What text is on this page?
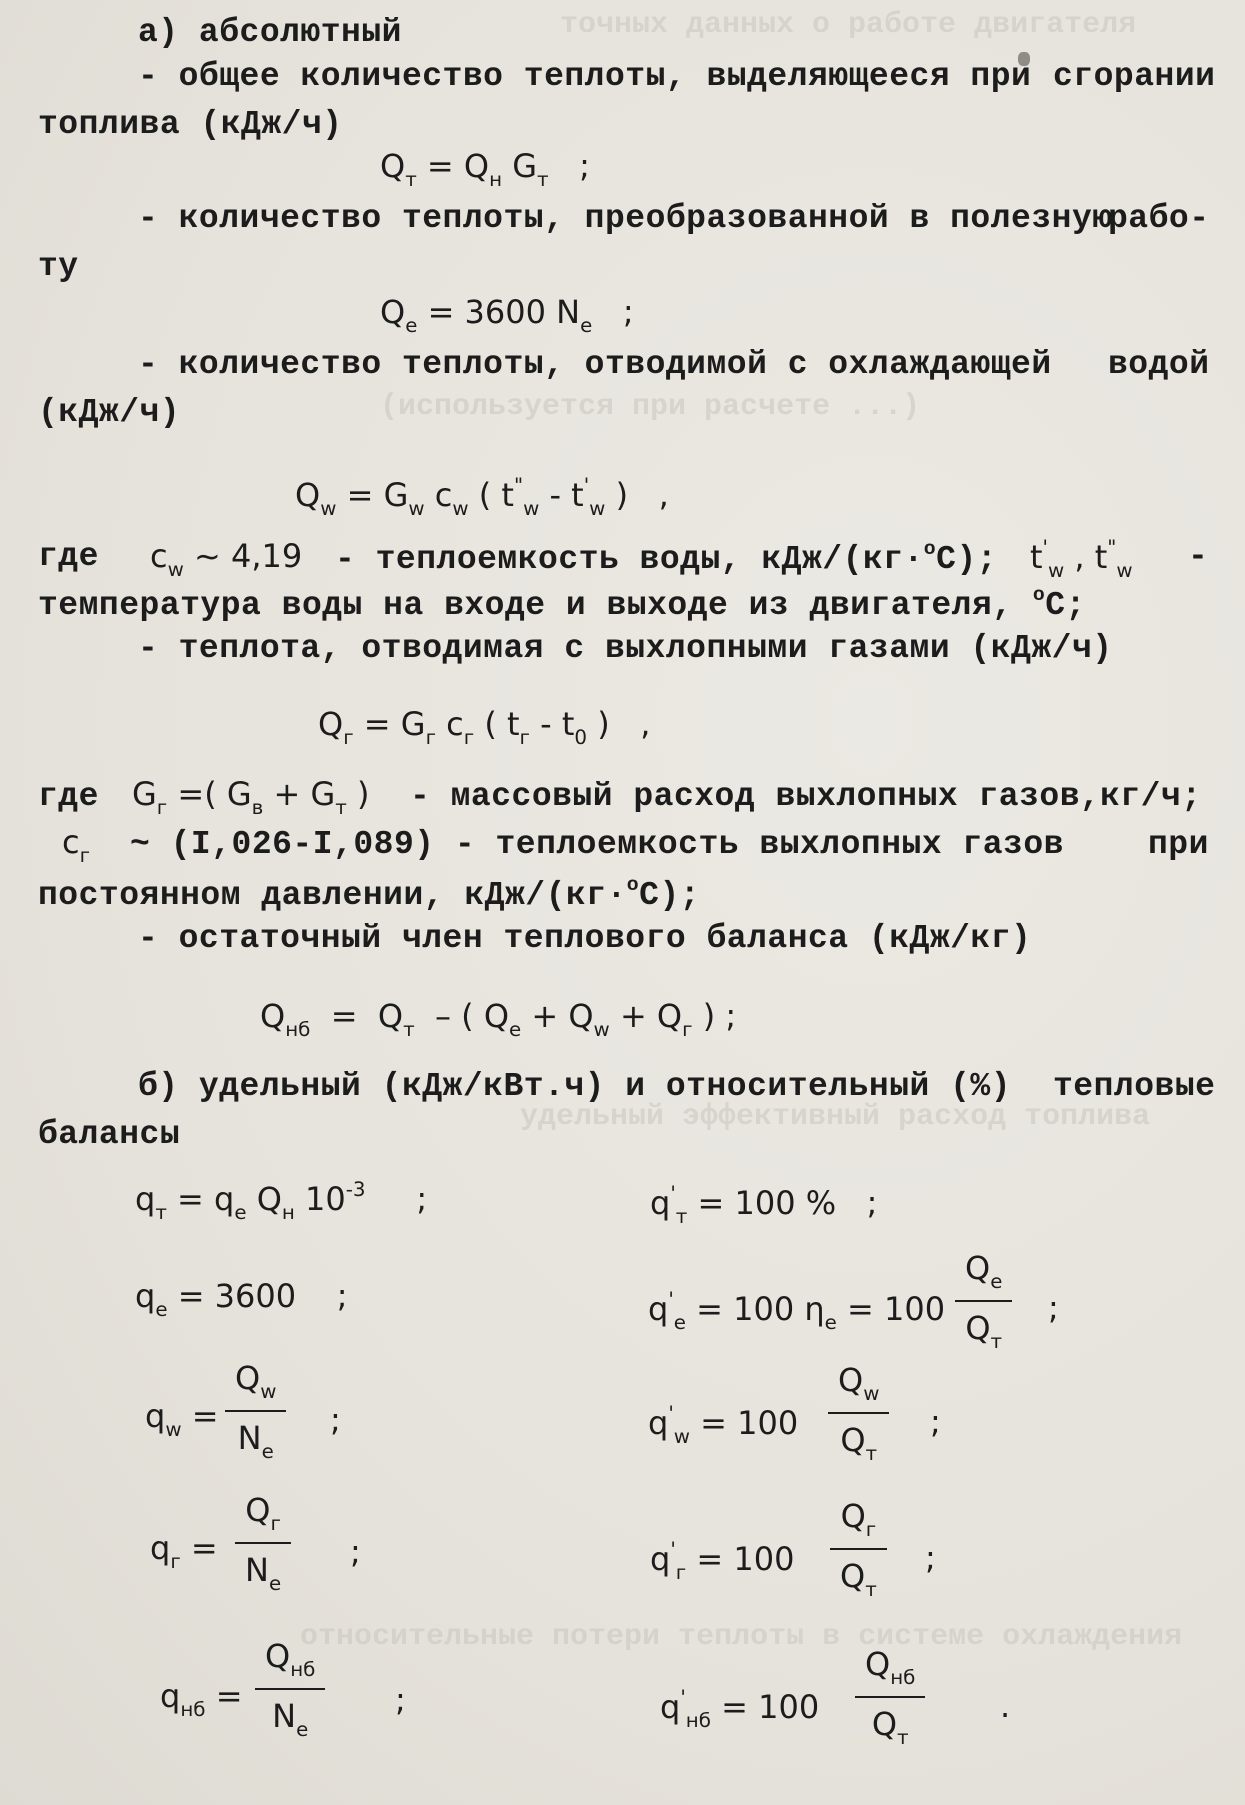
точных данных о работе двигателя
(используется при расчете ...)
удельный эффективный расход топлива
относительные потери теплоты в системе охлаждения
а) абсолютный
- общее количество теплоты, выделяющееся при сгорании
топлива (кДж/ч)
$Q_т = Q_н$ $G_т$ ;
- количество теплоты, преобразованной в полезную
рабо-
ту
$Q_e = 3600$ $N_e$ ;
- количество теплоты, отводимой с охлаждающей водой
(кДж/ч)
$Q_w = G_w$ $c_w$ ( $t^"_w - t'_w$ ) ,
где $c_w$ ~ 4,19 - теплоемкость воды, кДж/(кг·$^о$C); $t'_w$ , $t^"_w$ -
температура воды на входе и выходе из двигателя, $^о$C;
- теплота, отводимая с выхлопными газами (кДж/ч)
$Q_г = G_г$ $c_г$ ( $t_г - t_0$ ) ,
где $G_г$ =( $G_в + G_т$ ) - массовый расход выхлопных газов, кг/ч;
$c_г$ ~ (I,026-I,089) - теплоемкость выхлопных газов	при
постоянном давлении, кДж/(кг·$^о$C);
- остаточный член теплового баланса (кДж/кг)
$Q_{нб} = Q_т$ – ( $Q_e + Q_w + Q_г$ ) ;
б) удельный (кДж/кВт.ч) и относительный (%) тепловые
балансы
$q_т = q_e$ $Q_н$ $10^{-3}$ ;
$q_e = 3600$ ;
$q_w$ =
$Q_w$
$N_e$
;
$q_г$ =
$Q_г$
$N_e$
;
$q_{нб}$ =
$Q_{нб}$
$N_e$
;
$q'_т = 100$ % ;
$q'_e = 100$ $\eta_e = 100$
$Q_e$
$Q_т$
;
$q'_w = 100$
$Q_w$
$Q_т$
;
$q'_г = 100$
$Q_г$
$Q_т$
;
$q'_{нб} = 100$
$Q_{нб}$
$Q_т$
.
